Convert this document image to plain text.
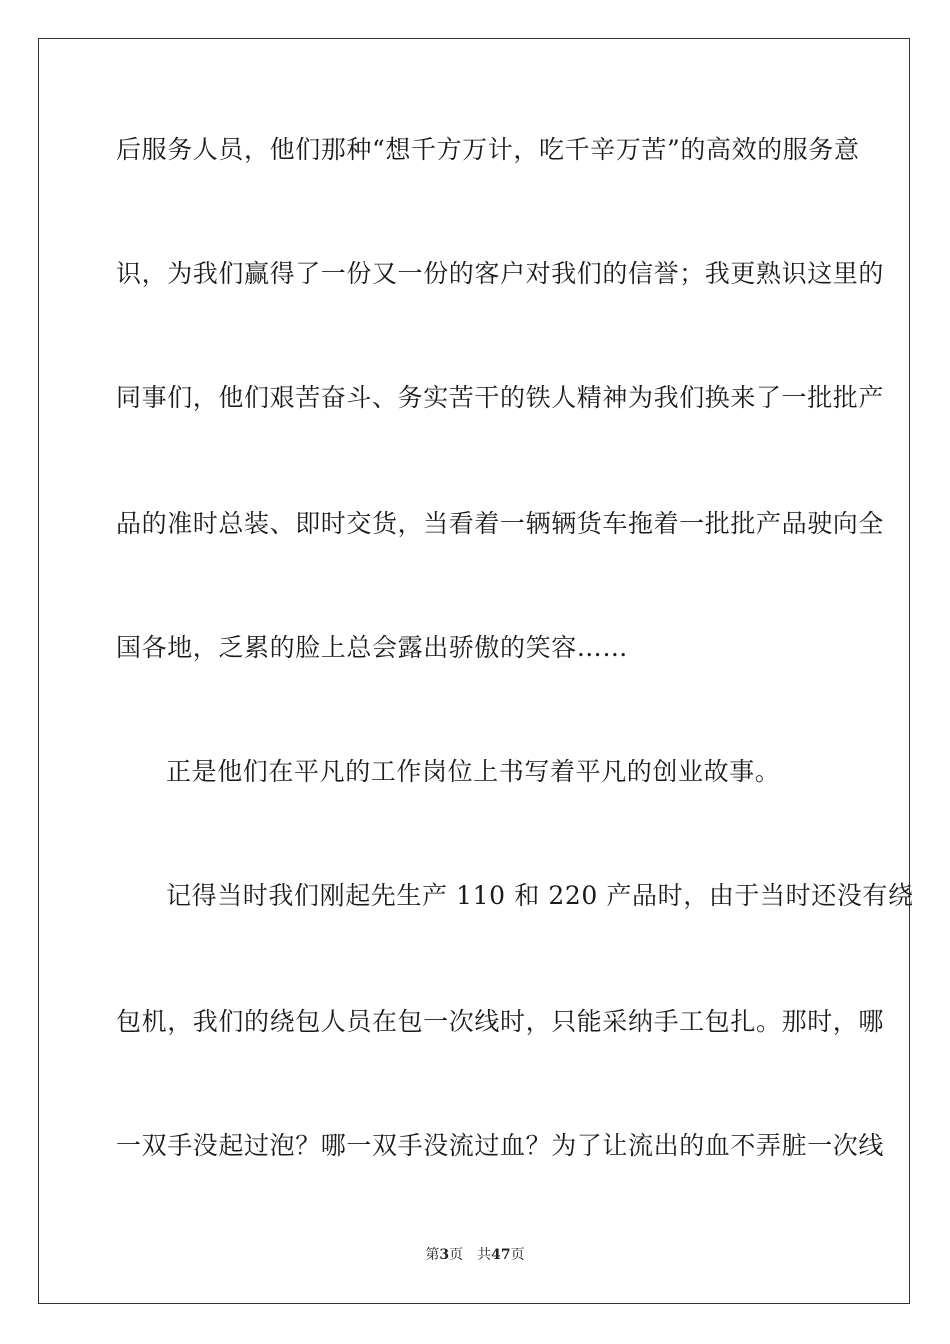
后服务人员，他们那种“想千方万计，吃千辛万苦”的高效的服务意
识，为我们赢得了一份又一份的客户对我们的信誉；我更熟识这里的
同事们，他们艰苦奋斗、务实苦干的铁人精神为我们换来了一批批产
品的准时总装、即时交货，当看着一辆辆货车拖着一批批产品驶向全
国各地，乏累的脸上总会露出骄傲的笑容……
正是他们在平凡的工作岗位上书写着平凡的创业故事。
记得当时我们刚起先生产 110 和 220 产品时，由于当时还没有绕
包机，我们的绕包人员在包一次线时，只能采纳手工包扎。那时，哪
一双手没起过泡？哪一双手没流过血？为了让流出的血不弄脏一次线
第3页 共47页
